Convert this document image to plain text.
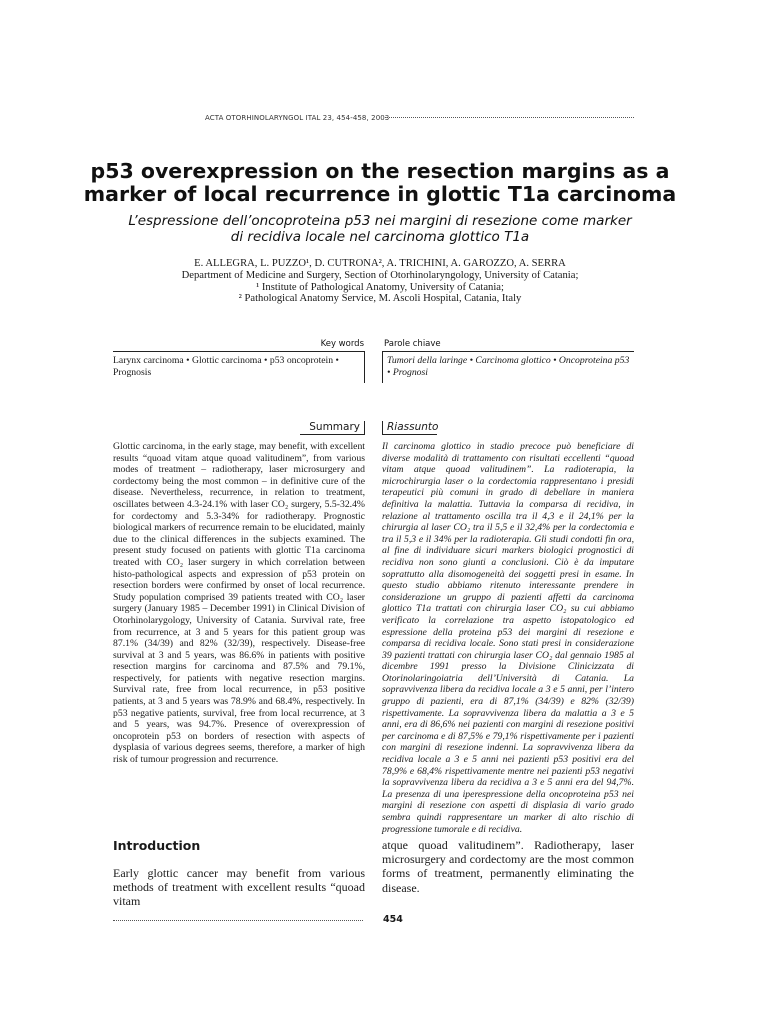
ACTA OTORHINOLARYNGOL ITAL 23, 454-458, 2003
p53 overexpression on the resection margins as a
marker of local recurrence in glottic T1a carcinoma
L’espressione dell’oncoproteina p53 nei margini di resezione come marker
di recidiva locale nel carcinoma glottico T1a
E. ALLEGRA, L. PUZZO¹, D. CUTRONA², A. TRICHINI, A. GAROZZO, A. SERRA
Department of Medicine and Surgery, Section of Otorhinolaryngology, University of Catania;
¹ Institute of Pathological Anatomy, University of Catania;
² Pathological Anatomy Service, M. Ascoli Hospital, Catania, Italy
Key words
Larynx carcinoma • Glottic carcinoma • p53 oncoprotein • Prognosis
Parole chiave
Tumori della laringe • Carcinoma glottico • Oncoproteina p53 • Prognosi
Summary
Glottic carcinoma, in the early stage, may benefit, with excellent results “quoad vitam atque quoad valitudinem”, from various modes of treatment – radiotherapy, laser microsurgery and cordectomy being the most common – in definitive cure of the disease. Nevertheless, recurrence, in relation to treatment, oscillates between 4.3-24.1% with laser CO₂ surgery, 5.5-32.4% for cordectomy and 5.3-34% for radiotherapy. Prognostic biological markers of recurrence remain to be elucidated, mainly due to the clinical differences in the subjects examined. The present study focused on patients with glottic T1a carcinoma treated with CO₂ laser surgery in which correlation between histo-pathological aspects and expression of p53 protein on resection borders were confirmed by onset of local recurrence. Study population comprised 39 patients treated with CO₂ laser surgery (January 1985 – December 1991) in Clinical Division of Otorhinolarygology, University of Catania. Survival rate, free from recurrence, at 3 and 5 years for this patient group was 87.1% (34/39) and 82% (32/39), respectively. Disease-free survival at 3 and 5 years, was 86.6% in patients with positive resection margins for carcinoma and 87.5% and 79.1%, respectively, for patients with negative resection margins. Survival rate, free from local recurrence, in p53 positive patients, at 3 and 5 years was 78.9% and 68.4%, respectively. In p53 negative patients, survival, free from local recurrence, at 3 and 5 years, was 94.7%. Presence of overexpression of oncoprotein p53 on borders of resection with aspects of dysplasia of various degrees seems, therefore, a marker of high risk of tumour progression and recurrence.
Riassunto
Il carcinoma glottico in stadio precoce può beneficiare di diverse modalità di trattamento con risultati eccellenti “quoad vitam atque quoad valitudinem”. La radioterapia, la microchirurgia laser o la cordectomia rappresentano i presidi terapeutici più comuni in grado di debellare in maniera definitiva la malattia. Tuttavia la comparsa di recidiva, in relazione al trattamento oscilla tra il 4,3 e il 24,1% per la chirurgia al laser CO₂ tra il 5,5 e il 32,4% per la cordectomia e tra il 5,3 e il 34% per la radioterapia. Gli studi condotti fin ora, al fine di individuare sicuri markers biologici prognostici di recidiva non sono giunti a conclusioni. Ciò è da imputare soprattutto alla disomogeneità dei soggetti presi in esame. In questo studio abbiamo ritenuto interessante prendere in considerazione un gruppo di pazienti affetti da carcinoma glottico T1a trattati con chirurgia laser CO₂ su cui abbiamo verificato la correlazione tra aspetto istopatologico ed espressione della proteina p53 dei margini di resezione e comparsa di recidiva locale. Sono stati presi in considerazione 39 pazienti trattati con chirurgia laser CO₂ dal gennaio 1985 al dicembre 1991 presso la Divisione Clinicizzata di Otorinolaringoiatria dell’Università di Catania. La sopravvivenza libera da recidiva locale a 3 e 5 anni, per l’intero gruppo di pazienti, era di 87,1% (34/39) e 82% (32/39) rispettivamente. La sopravvivenza libera da malattia a 3 e 5 anni, era di 86,6% nei pazienti con margini di resezione positivi per carcinoma e di 87,5% e 79,1% rispettivamente per i pazienti con margini di resezione indenni. La sopravvivenza libera da recidiva locale a 3 e 5 anni nei pazienti p53 positivi era del 78,9% e 68,4% rispettivamente mentre nei pazienti p53 negativi la sopravvivenza libera da recidiva a 3 e 5 anni era del 94,7%. La presenza di una iperespressione della oncoproteina p53 nei margini di resezione con aspetti di displasia di vario grado sembra quindi rappresentare un marker di alto rischio di progressione tumorale e di recidiva.
Introduction
Early glottic cancer may benefit from various methods of treatment with excellent results “quoad vitam
atque quoad valitudinem”. Radiotherapy, laser microsurgery and cordectomy are the most common forms of treatment, permanently eliminating the disease.
454
